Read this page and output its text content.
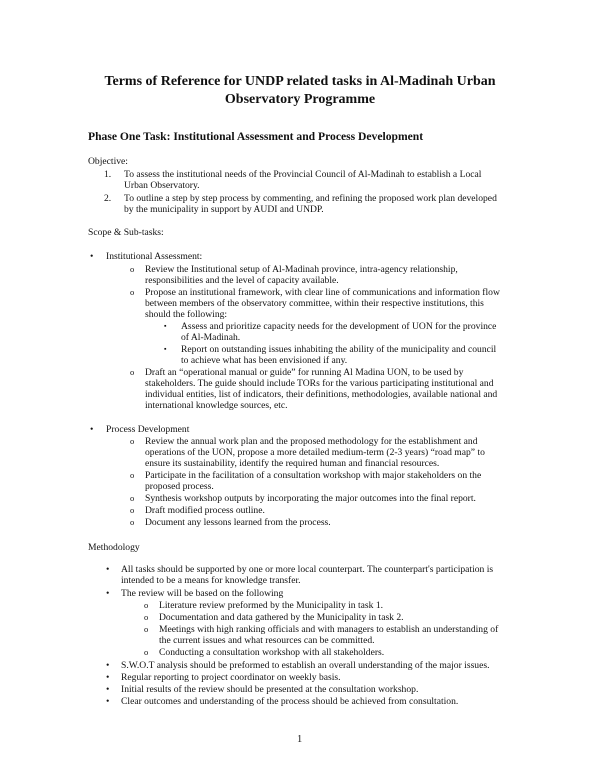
Terms of Reference for UNDP related tasks in Al-Madinah Urban
Observatory Programme
Phase One Task: Institutional Assessment and Process Development
Objective:
1. To assess the institutional needs of the Provincial Council of Al-Madinah to establish a Local
Urban Observatory.
2. To outline a step by step process by commenting, and refining the proposed work plan developed
by the municipality in support by AUDI and UNDP.
Scope & Sub-tasks:
• Institutional Assessment:
o Review the Institutional setup of Al-Madinah province, intra-agency relationship,
responsibilities and the level of capacity available.
o Propose an institutional framework, with clear line of communications and information flow
between members of the observatory committee, within their respective institutions, this
should the following:
▪ Assess and prioritize capacity needs for the development of UON for the province
of Al-Madinah.
▪ Report on outstanding issues inhabiting the ability of the municipality and council
to achieve what has been envisioned if any.
o Draft an “operational manual or guide” for running Al Madina UON, to be used by
stakeholders. The guide should include TORs for the various participating institutional and
individual entities, list of indicators, their definitions, methodologies, available national and
international knowledge sources, etc.
• Process Development
o Review the annual work plan and the proposed methodology for the establishment and
operations of the UON, propose a more detailed medium-term (2-3 years) “road map” to
ensure its sustainability, identify the required human and financial resources.
o Participate in the facilitation of a consultation workshop with major stakeholders on the
proposed process.
o Synthesis workshop outputs by incorporating the major outcomes into the final report.
o Draft modified process outline.
o Document any lessons learned from the process.
Methodology
• All tasks should be supported by one or more local counterpart. The counterpart's participation is
intended to be a means for knowledge transfer.
• The review will be based on the following
o Literature review preformed by the Municipality in task 1.
o Documentation and data gathered by the Municipality in task 2.
o Meetings with high ranking officials and with managers to establish an understanding of
the current issues and what resources can be committed.
o Conducting a consultation workshop with all stakeholders.
• S.W.O.T analysis should be preformed to establish an overall understanding of the major issues.
• Regular reporting to project coordinator on weekly basis.
• Initial results of the review should be presented at the consultation workshop.
• Clear outcomes and understanding of the process should be achieved from consultation.
1
